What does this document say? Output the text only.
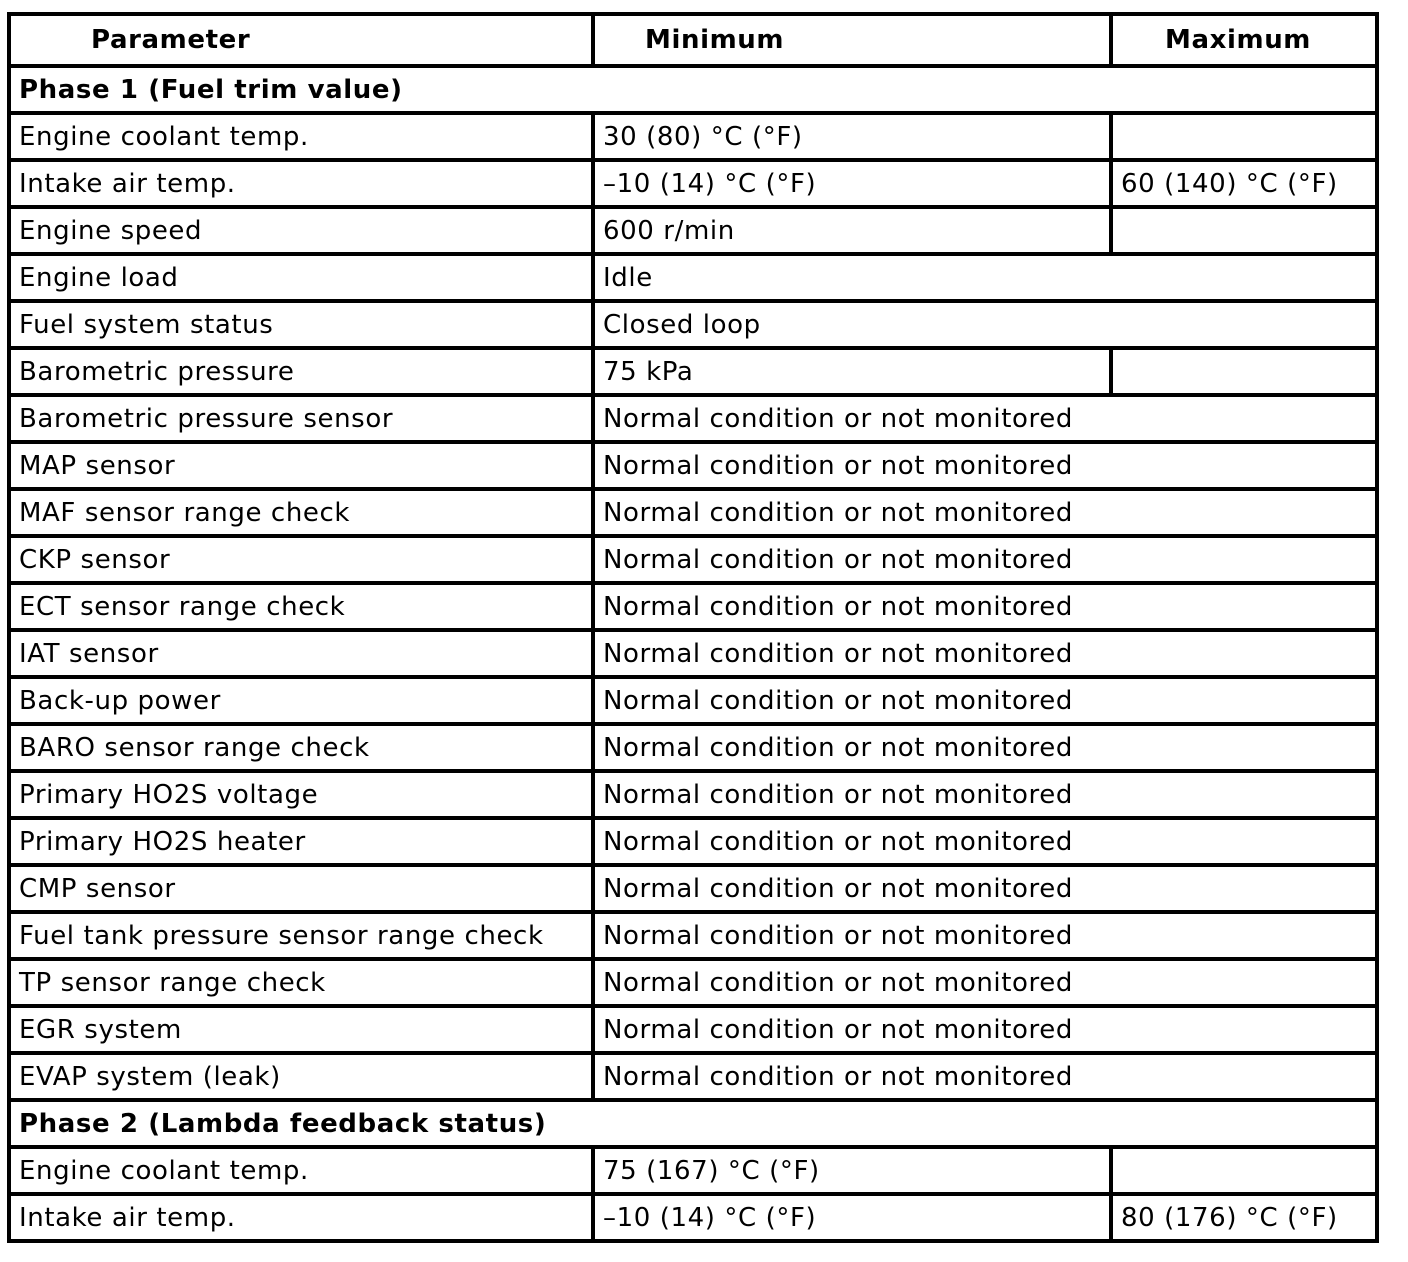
Parameter	Minimum	Maximum
Phase 1 (Fuel trim value)		
Engine coolant temp.	30 (80) °C (°F)	
Intake air temp.	–10 (14) °C (°F)	60 (140) °C (°F)
Engine speed	600 r/min	
Engine load	Idle	
Fuel system status	Closed loop	
Barometric pressure	75 kPa	
Barometric pressure sensor	Normal condition or not monitored	
MAP sensor	Normal condition or not monitored	
MAF sensor range check	Normal condition or not monitored	
CKP sensor	Normal condition or not monitored	
ECT sensor range check	Normal condition or not monitored	
IAT sensor	Normal condition or not monitored	
Back-up power	Normal condition or not monitored	
BARO sensor range check	Normal condition or not monitored	
Primary HO2S voltage	Normal condition or not monitored	
Primary HO2S heater	Normal condition or not monitored	
CMP sensor	Normal condition or not monitored	
Fuel tank pressure sensor range check	Normal condition or not monitored	
TP sensor range check	Normal condition or not monitored	
EGR system	Normal condition or not monitored	
EVAP system (leak)	Normal condition or not monitored	
Phase 2 (Lambda feedback status)		
Engine coolant temp.	75 (167) °C (°F)	
Intake air temp.	–10 (14) °C (°F)	80 (176) °C (°F)
